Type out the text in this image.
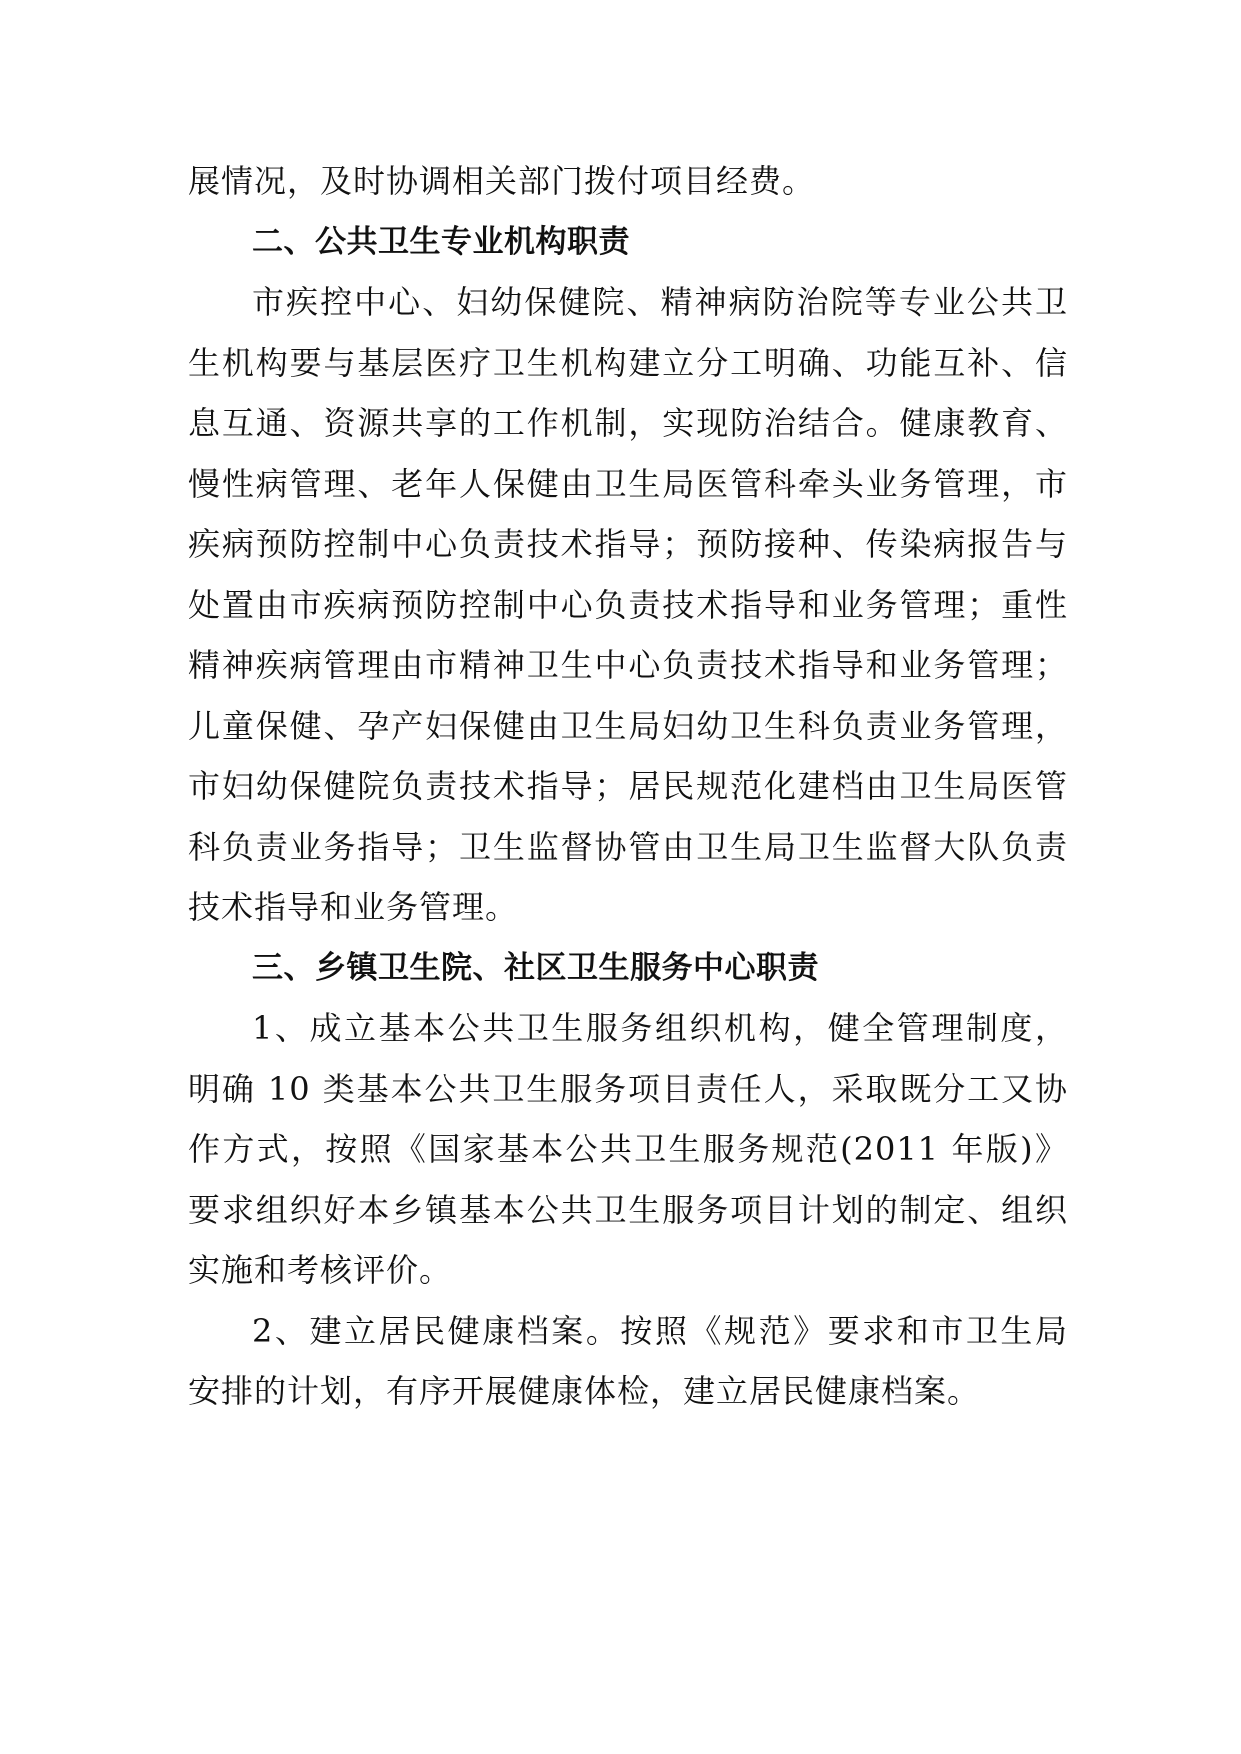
展情况，及时协调相关部门拨付项目经费。
二、公共卫生专业机构职责
市疾控中心、妇幼保健院、精神病防治院等专业公共卫
生机构要与基层医疗卫生机构建立分工明确、功能互补、信
息互通、资源共享的工作机制，实现防治结合。健康教育、
慢性病管理、老年人保健由卫生局医管科牵头业务管理，市
疾病预防控制中心负责技术指导；预防接种、传染病报告与
处置由市疾病预防控制中心负责技术指导和业务管理；重性
精神疾病管理由市精神卫生中心负责技术指导和业务管理；
儿童保健、孕产妇保健由卫生局妇幼卫生科负责业务管理，
市妇幼保健院负责技术指导；居民规范化建档由卫生局医管
科负责业务指导；卫生监督协管由卫生局卫生监督大队负责
技术指导和业务管理。
三、乡镇卫生院、社区卫生服务中心职责
1、成立基本公共卫生服务组织机构，健全管理制度，
明确 10 类基本公共卫生服务项目责任人，采取既分工又协
作方式，按照《国家基本公共卫生服务规范(2011 年版)》
要求组织好本乡镇基本公共卫生服务项目计划的制定、组织
实施和考核评价。
2、建立居民健康档案。按照《规范》要求和市卫生局
安排的计划，有序开展健康体检，建立居民健康档案。
